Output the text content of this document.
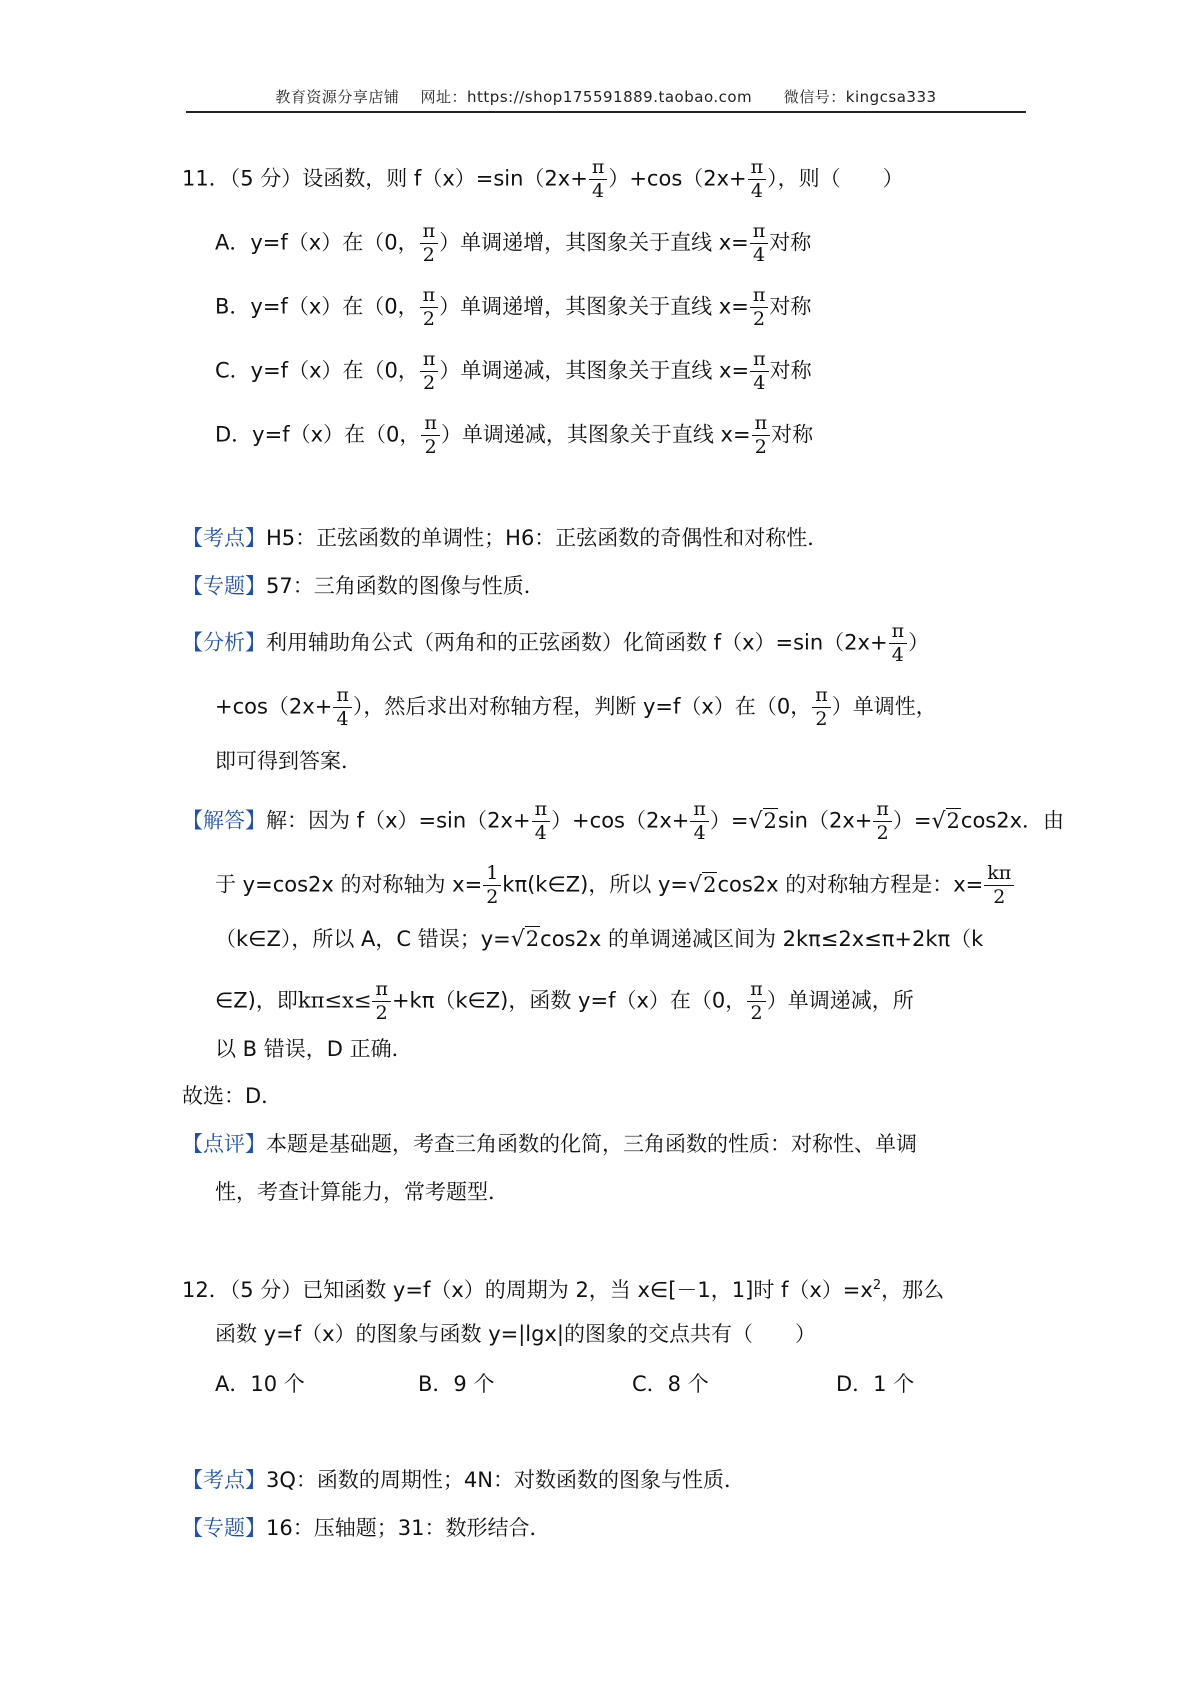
教育资源分享店铺 网址：https://shop175591889.taobao.com 微信号：kingcsa333
11．（5 分）设函数，则 $f(x)=\sin(2x+ \frac{\pi}{4} )+\cos(2x+ \frac{\pi}{4}$ ），则（　　）
A．y=f（x）在（0， $\frac{\pi}{2}$ ）单调递增，其图象关于直线 $x= \frac{\pi}{4}$ 对称
B．y=f（x）在（0， $\frac{\pi}{2}$ ）单调递增，其图象关于直线 $x= \frac{\pi}{2}$ 对称
C．y=f（x）在（0， $\frac{\pi}{2}$ ）单调递减，其图象关于直线 $x= \frac{\pi}{4}$ 对称
D．y=f（x）在（0， $\frac{\pi}{2}$ ）单调递减，其图象关于直线 $x= \frac{\pi}{2}$ 对称
【考点】H5：正弦函数的单调性；H6：正弦函数的奇偶性和对称性．
【专题】57：三角函数的图像与性质．
【分析】利用辅助角公式（两角和的正弦函数）化简函数 $f(x)=\sin(2x+ \frac{\pi}{4}$ ）
$+\cos(2x+ \frac{\pi}{4}$ ），然后求出对称轴方程，判断 y=f（x）在（0， $\frac{\pi}{2}$ ）单调性，
即可得到答案．
【解答】解：因为 $f(x)=\sin(2x+ \frac{\pi}{4} )+\cos(2x+ \frac{\pi}{4} )=√2\sin(2x+ \frac{\pi}{2} )=√2\cos 2x$．由
于 y=cos2x 的对称轴为 $x= \frac{1}{2}$ kπ(k∈Z)，所以 y=√2cos2x 的对称轴方程是：$x= \frac{k\pi}{2}$
（k∈Z），所以 A，C 错误；y=√2cos2x 的单调递减区间为 2kπ≤2x≤π+2kπ（k
∈Z)，即$k\pi\le x\le \frac{\pi}{2}$ +kπ（k∈Z)，函数 y=f（x）在（0， $\frac{\pi}{2}$ ）单调递减，所
以 B 错误，D 正确．
故选：D．
【点评】本题是基础题，考查三角函数的化简，三角函数的性质：对称性、单调
性，考查计算能力，常考题型．
12．（5 分）已知函数 y=f（x）的周期为 2，当 x∈[－1，1]时 $f(x)=x^2$，那么
函数 y=f（x）的图象与函数 y=|lgx|的图象的交点共有（　　）
A．10 个	B．9 个	C．8 个	D．1 个
【考点】3Q：函数的周期性；4N：对数函数的图象与性质．
【专题】16：压轴题；31：数形结合．
